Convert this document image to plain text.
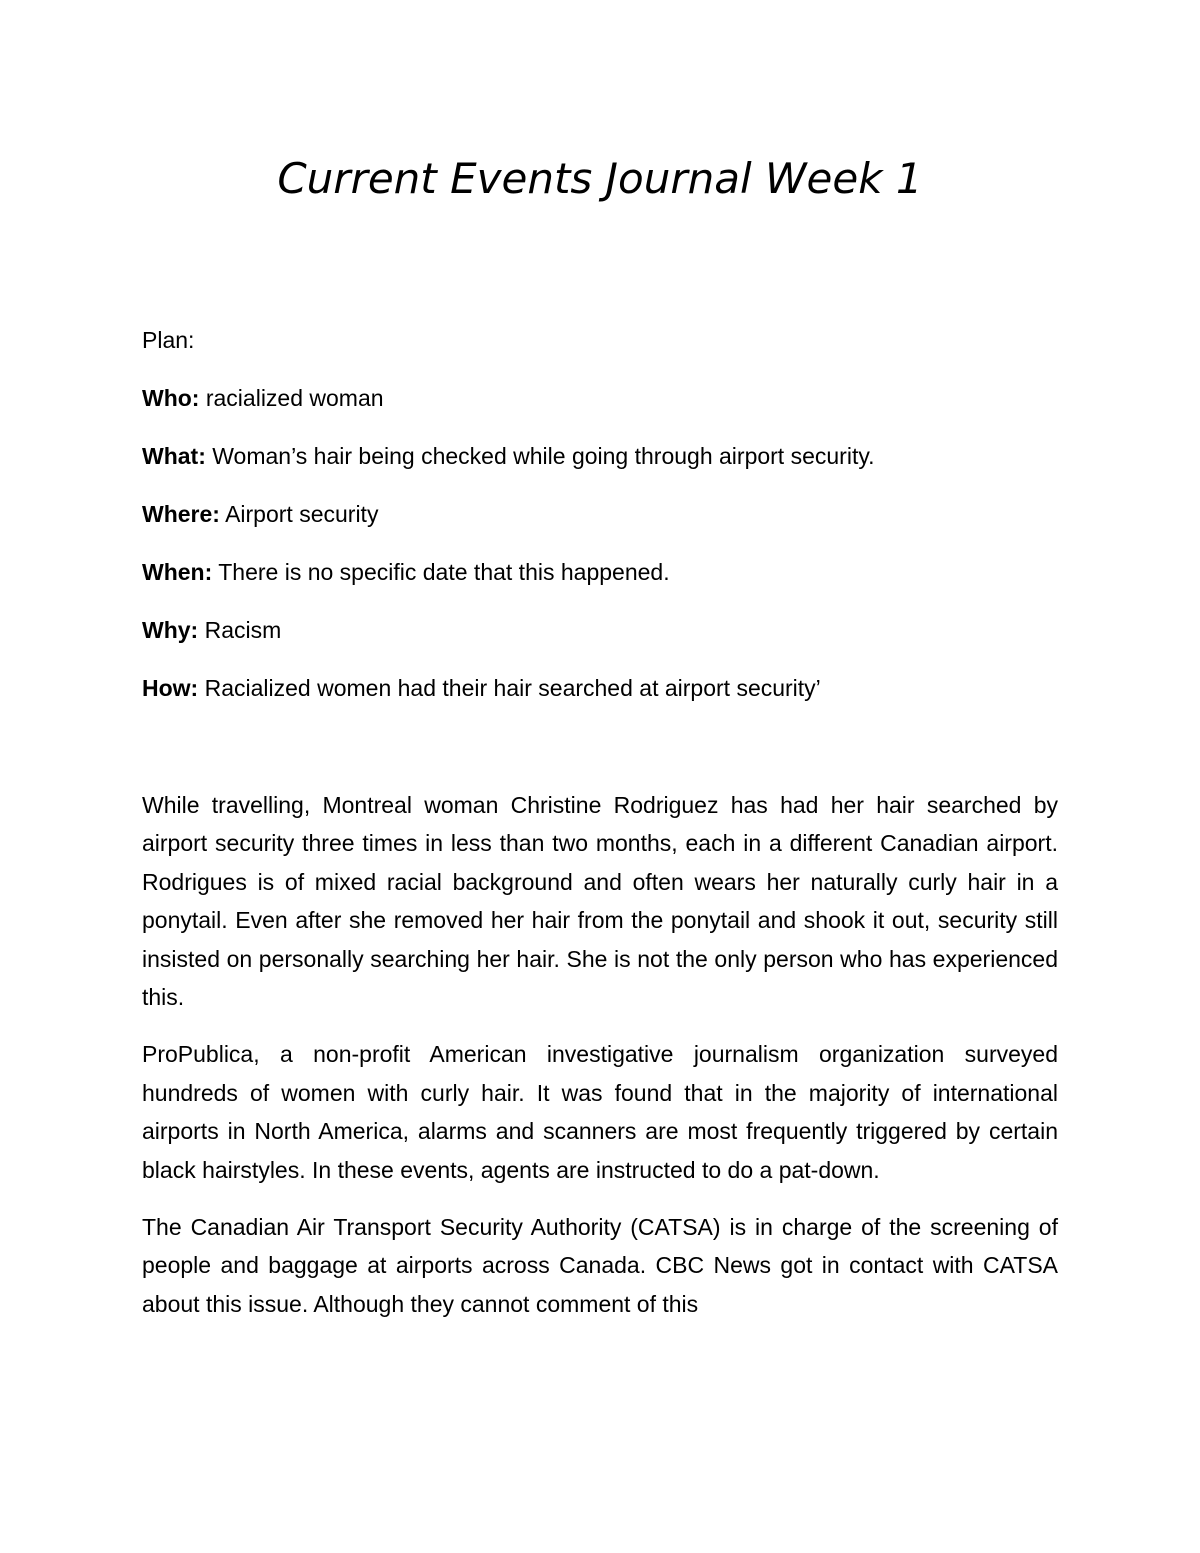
Current Events Journal Week 1

Plan:

Who: racialized woman

What: Woman’s hair being checked while going through airport security.

Where: Airport security

When: There is no specific date that this happened.

Why: Racism

How: Racialized women had their hair searched at airport security’

While travelling, Montreal woman Christine Rodriguez has had her hair searched by airport security three times in less than two months, each in a different Canadian airport. Rodrigues is of mixed racial background and often wears her naturally curly hair in a ponytail. Even after she removed her hair from the ponytail and shook it out, security still insisted on personally searching her hair. She is not the only person who has experienced this.

ProPublica, a non-profit American investigative journalism organization surveyed hundreds of women with curly hair. It was found that in the majority of international airports in North America, alarms and scanners are most frequently triggered by certain black hairstyles. In these events, agents are instructed to do a pat-down.

The Canadian Air Transport Security Authority (CATSA) is in charge of the screening of people and baggage at airports across Canada. CBC News got in contact with CATSA about this issue. Although they cannot comment of this
